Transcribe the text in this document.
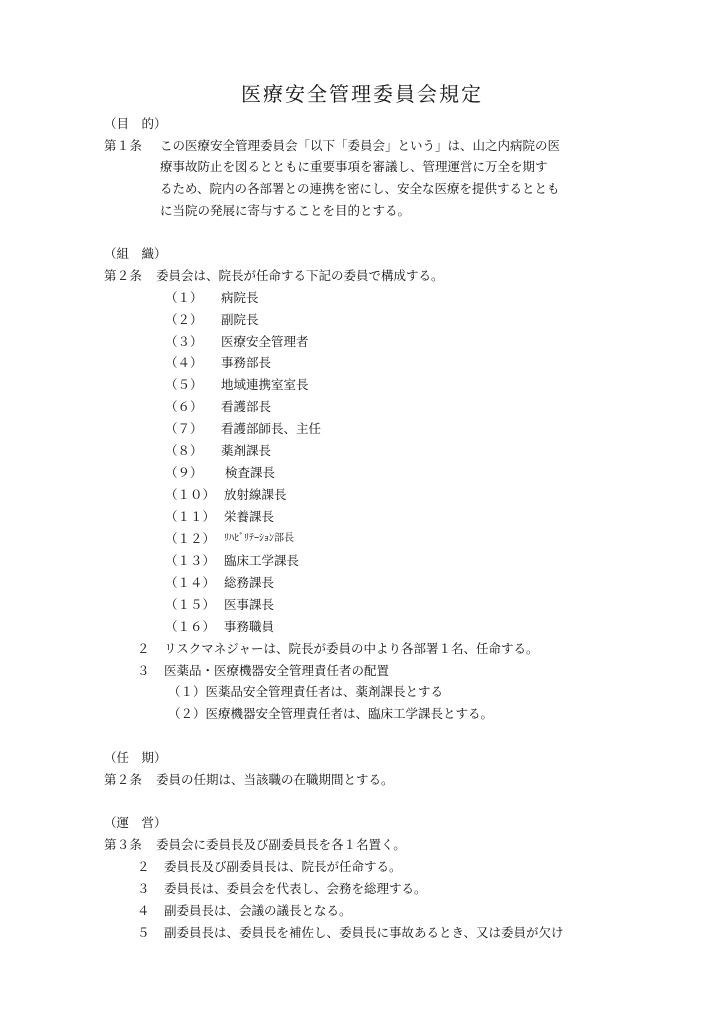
医療安全管理委員会規定
（目　的）
第１条 この医療安全管理委員会「以下「委員会」という」は、山之内病院の医
療事故防止を図るとともに重要事項を審議し、管理運営に万全を期す
るため、院内の各部署との連携を密にし、安全な医療を提供するととも
に当院の発展に寄与することを目的とする。
（組　織）
第２条 委員会は、院長が任命する下記の委員で構成する。
（１） 病院長
（２） 副院長
（３） 医療安全管理者
（４） 事務部長
（５） 地域連携室室長
（６） 看護部長
（７） 看護部師長、主任
（８） 薬剤課長
（９） 検査課長
（１０） 放射線課長
（１１） 栄養課長
（１２） ﾘﾊﾋﾞﾘﾃｰｼｮﾝ部長
（１３） 臨床工学課長
（１４） 総務課長
（１５） 医事課長
（１６） 事務職員
２ リスクマネジャーは、院長が委員の中より各部署１名、任命する。
３ 医薬品・医療機器安全管理責任者の配置
（１）医薬品安全管理責任者は、薬剤課長とする
（２）医療機器安全管理責任者は、臨床工学課長とする。
（任　期）
第２条 委員の任期は、当該職の在職期間とする。
（運　営）
第３条 委員会に委員長及び副委員長を各１名置く。
２ 委員長及び副委員長は、院長が任命する。
３ 委員長は、委員会を代表し、会務を総理する。
４ 副委員長は、会議の議長となる。
５ 副委員長は、委員長を補佐し、委員長に事故あるとき、又は委員が欠け
